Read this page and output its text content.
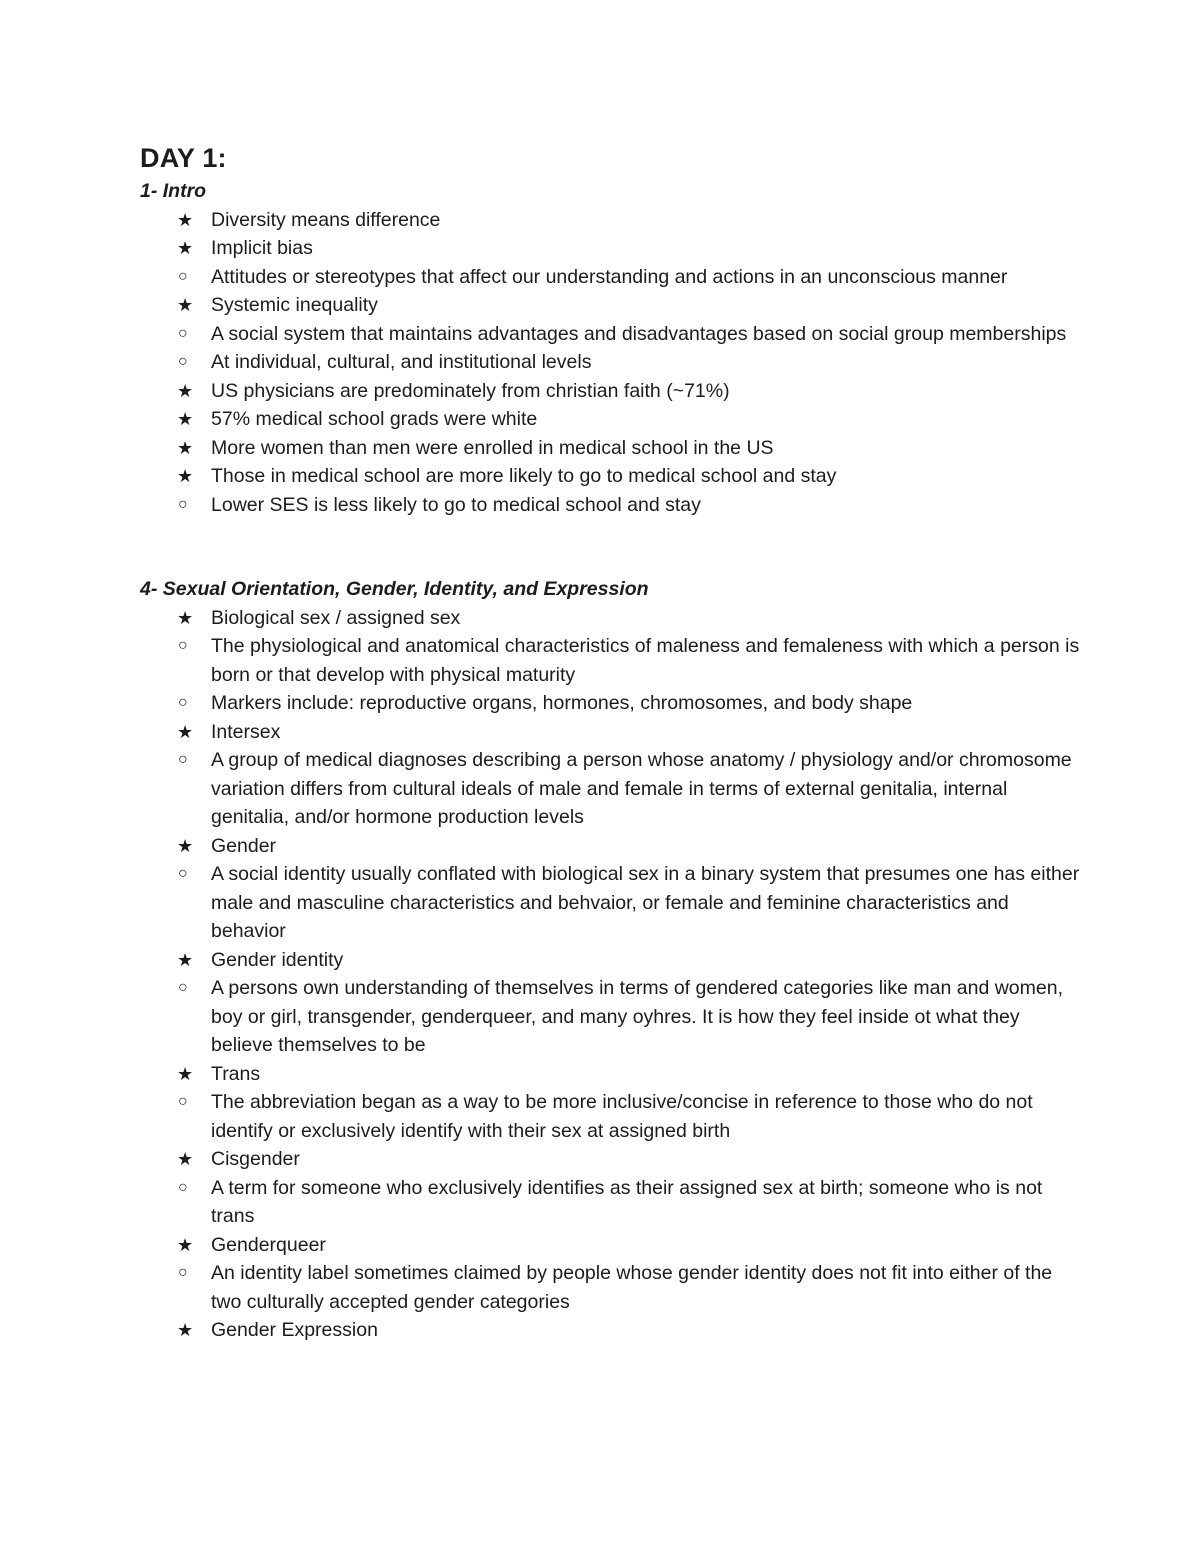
DAY 1:
1- Intro
★ Diversity means difference
★ Implicit bias
○	Attitudes or stereotypes that affect our understanding and actions in an unconscious manner
★ Systemic inequality
○	A social system that maintains advantages and disadvantages based on social group memberships
○	At individual, cultural, and institutional levels
★ US physicians are predominately from christian faith (~71%)
★ 57% medical school grads were white
★ More women than men were enrolled in medical school in the US
★ Those in medical school are more likely to go to medical school and stay
○	Lower SES is less likely to go to medical school and stay
4- Sexual Orientation, Gender, Identity, and Expression
★ Biological sex / assigned sex
○	The physiological and anatomical characteristics of maleness and femaleness with which a person is born or that develop with physical maturity
○	Markers include: reproductive organs, hormones, chromosomes, and body shape
★ Intersex
○	A group of medical diagnoses describing a person whose anatomy / physiology and/or chromosome variation differs from cultural ideals of male and female in terms of external genitalia, internal genitalia, and/or hormone production levels
★ Gender
○	A social identity usually conflated with biological sex in a binary system that presumes one has either male and masculine characteristics and behvaior, or female and feminine characteristics and behavior
★ Gender identity
○	A persons own understanding of themselves in terms of gendered categories like man and women, boy or girl, transgender, genderqueer, and many oyhres. It is how they feel inside ot what they believe themselves to be
★ Trans
○	The abbreviation began as a way to be more inclusive/concise in reference to those who do not identify or exclusively identify with their sex at assigned birth
★ Cisgender
○	A term for someone who exclusively identifies as their assigned sex at birth; someone who is not trans
★ Genderqueer
○	An identity label sometimes claimed by people whose gender identity does not fit into either of the two culturally accepted gender categories
★ Gender Expression
